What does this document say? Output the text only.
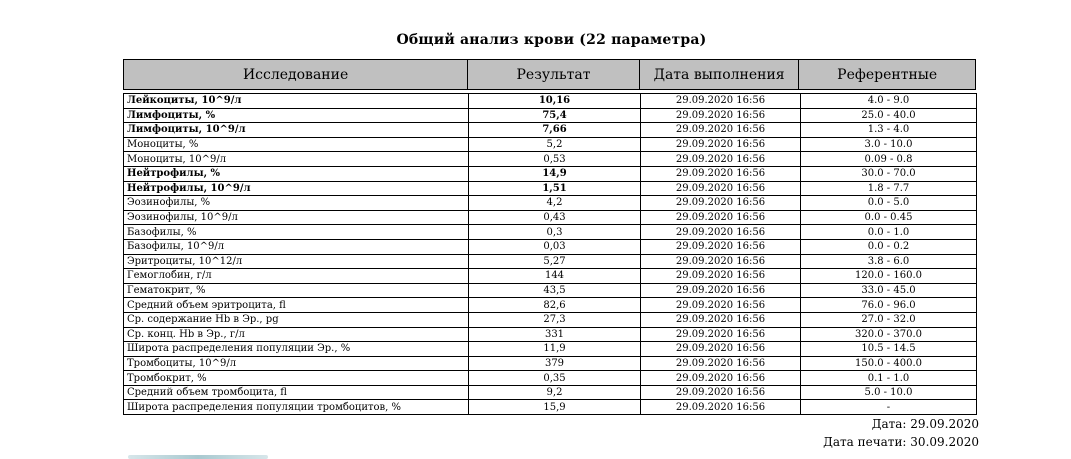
Общий анализ крови (22 параметра)
Исследование	Результат	Дата выполнения	Референтные
Лейкоциты, 10^9/л	10,16	29.09.2020 16:56	4.0 - 9.0
Лимфоциты, %	75,4	29.09.2020 16:56	25.0 - 40.0
Лимфоциты, 10^9/л	7,66	29.09.2020 16:56	1.3 - 4.0
Моноциты, %	5,2	29.09.2020 16:56	3.0 - 10.0
Моноциты, 10^9/л	0,53	29.09.2020 16:56	0.09 - 0.8
Нейтрофилы, %	14,9	29.09.2020 16:56	30.0 - 70.0
Нейтрофилы, 10^9/л	1,51	29.09.2020 16:56	1.8 - 7.7
Эозинофилы, %	4,2	29.09.2020 16:56	0.0 - 5.0
Эозинофилы, 10^9/л	0,43	29.09.2020 16:56	0.0 - 0.45
Базофилы, %	0,3	29.09.2020 16:56	0.0 - 1.0
Базофилы, 10^9/л	0,03	29.09.2020 16:56	0.0 - 0.2
Эритроциты, 10^12/л	5,27	29.09.2020 16:56	3.8 - 6.0
Гемоглобин, г/л	144	29.09.2020 16:56	120.0 - 160.0
Гематокрит, %	43,5	29.09.2020 16:56	33.0 - 45.0
Средний объем эритроцита, fl	82,6	29.09.2020 16:56	76.0 - 96.0
Ср. содержание Hb в Эр., pg	27,3	29.09.2020 16:56	27.0 - 32.0
Ср. конц. Hb в Эр., г/л	331	29.09.2020 16:56	320.0 - 370.0
Широта распределения популяции Эр., %	11,9	29.09.2020 16:56	10.5 - 14.5
Тромбоциты, 10^9/л	379	29.09.2020 16:56	150.0 - 400.0
Тромбокрит, %	0,35	29.09.2020 16:56	0.1 - 1.0
Средний объем тромбоцита, fl	9,2	29.09.2020 16:56	5.0 - 10.0
Широта распределения популяции тромбоцитов, %	15,9	29.09.2020 16:56	-
Дата: 29.09.2020
Дата печати: 30.09.2020
